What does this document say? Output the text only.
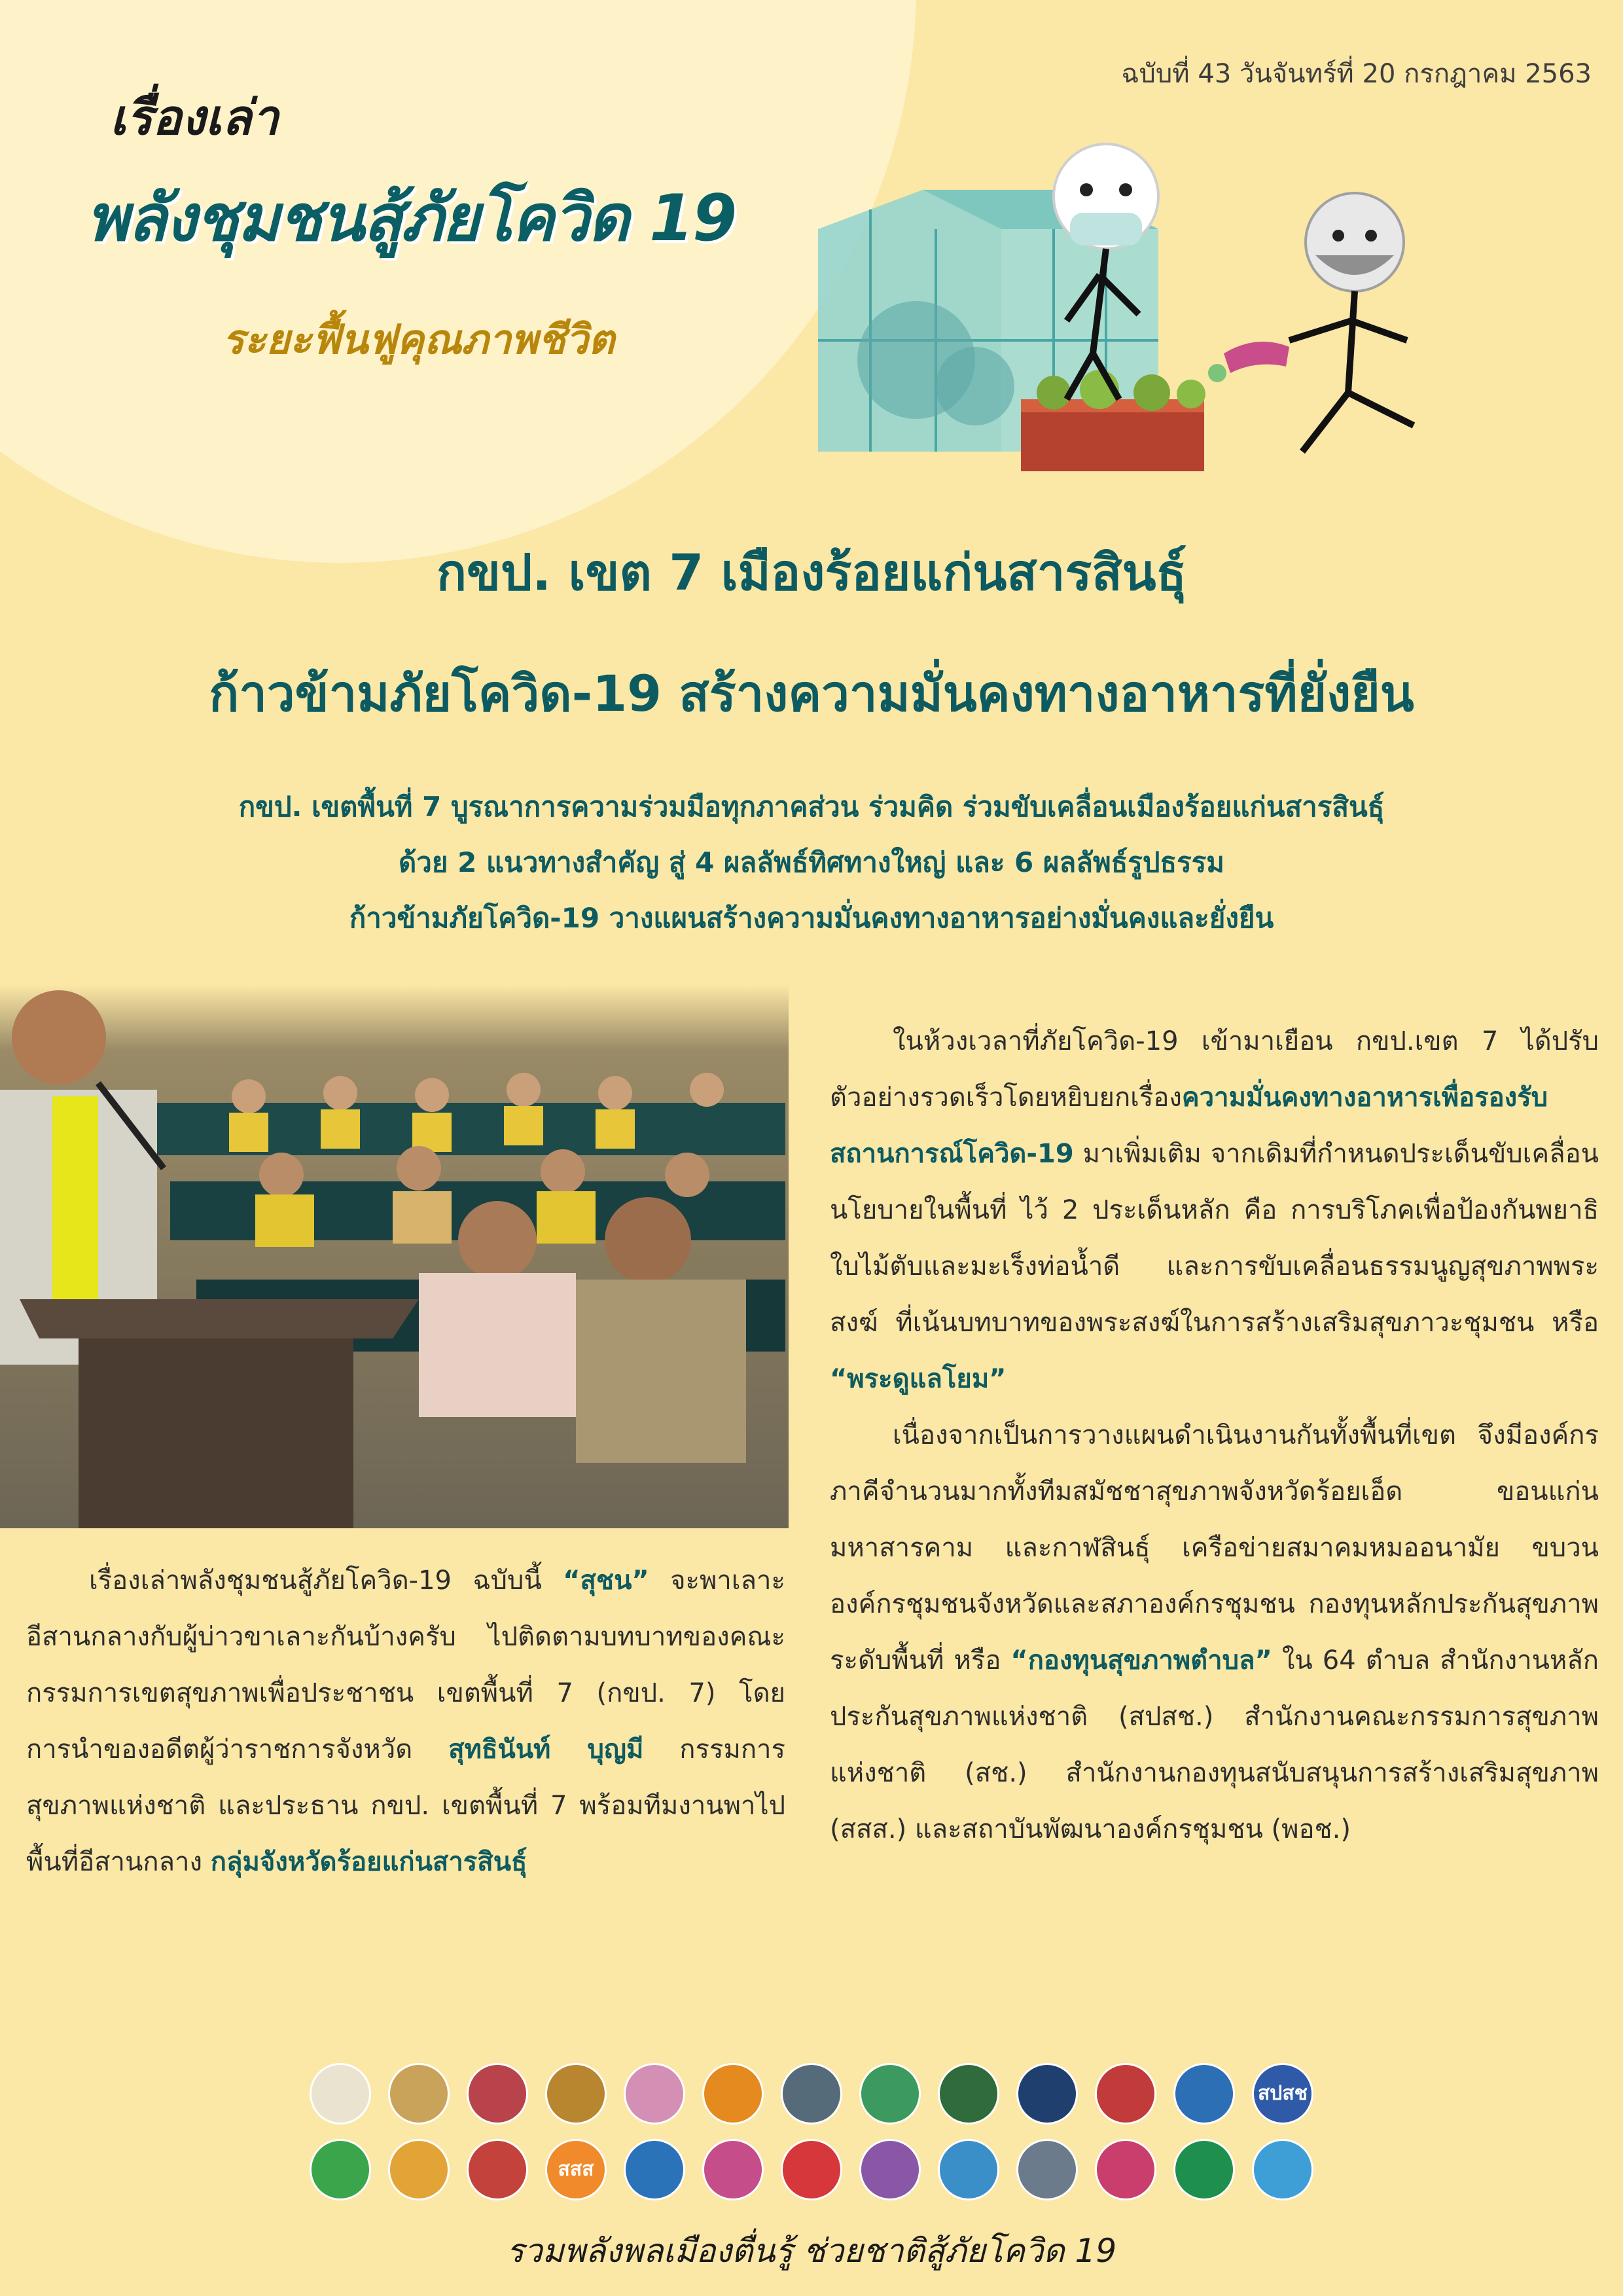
ฉบับที่ 43 วันจันทร์ที่ 20 กรกฎาคม 2563
เรื่องเล่า
พลังชุมชนสู้ภัยโควิด 19
ระยะฟื้นฟูคุณภาพชีวิต
กขป. เขต 7 เมืองร้อยแก่นสารสินธุ์
ก้าวข้ามภัยโควิด-19 สร้างความมั่นคงทางอาหารที่ยั่งยืน
กขป. เขตพื้นที่ 7 บูรณาการความร่วมมือทุกภาคส่วน ร่วมคิด ร่วมขับเคลื่อนเมืองร้อยแก่นสารสินธุ์
ด้วย 2 แนวทางสำคัญ สู่ 4 ผลลัพธ์ทิศทางใหญ่ และ 6 ผลลัพธ์รูปธรรม
ก้าวข้ามภัยโควิด-19 วางแผนสร้างความมั่นคงทางอาหารอย่างมั่นคงและยั่งยืน
เรื่องเล่าพลังชุมชนสู้ภัยโควิด-19 ฉบับนี้ “สุชน” จะพาเลาะอีสานกลางกับผู้บ่าวขาเลาะกันบ้างครับ ไปติดตามบทบาทของคณะกรรมการเขตสุขภาพเพื่อประชาชน เขตพื้นที่ 7 (กขป. 7) โดยการนำของอดีตผู้ว่าราชการจังหวัด สุทธินันท์ บุญมี กรรมการสุขภาพแห่งชาติ และประธาน กขป. เขตพื้นที่ 7 พร้อมทีมงานพาไปพื้นที่อีสานกลาง กลุ่มจังหวัดร้อยแก่นสารสินธุ์
ในห้วงเวลาที่ภัยโควิด-19 เข้ามาเยือน กขป.เขต 7 ได้ปรับตัวอย่างรวดเร็วโดยหยิบยกเรื่องความมั่นคงทางอาหารเพื่อรองรับสถานการณ์โควิด-19 มาเพิ่มเติม จากเดิมที่กำหนดประเด็นขับเคลื่อนนโยบายในพื้นที่ ไว้ 2 ประเด็นหลัก คือ การบริโภคเพื่อป้องกันพยาธิใบไม้ตับและมะเร็งท่อน้ำดี และการขับเคลื่อนธรรมนูญสุขภาพพระสงฆ์ ที่เน้นบทบาทของพระสงฆ์ในการสร้างเสริมสุขภาวะชุมชน หรือ “พระดูแลโยม”
เนื่องจากเป็นการวางแผนดำเนินงานกันทั้งพื้นที่เขต จึงมีองค์กรภาคีจำนวนมากทั้งทีมสมัชชาสุขภาพจังหวัดร้อยเอ็ด ขอนแก่น มหาสารคาม และกาฬสินธุ์ เครือข่ายสมาคมหมออนามัย ขบวนองค์กรชุมชนจังหวัดและสภาองค์กรชุมชน กองทุนหลักประกันสุขภาพระดับพื้นที่ หรือ “กองทุนสุขภาพตำบล” ใน 64 ตำบล สำนักงานหลักประกันสุขภาพแห่งชาติ (สปสช.) สำนักงานคณะกรรมการสุขภาพแห่งชาติ (สช.) สำนักงานกองทุนสนับสนุนการสร้างเสริมสุขภาพ (สสส.) และสถาบันพัฒนาองค์กรชุมชน (พอช.)
สปสช
สสส
รวมพลังพลเมืองตื่นรู้ ช่วยชาติสู้ภัยโควิด 19
